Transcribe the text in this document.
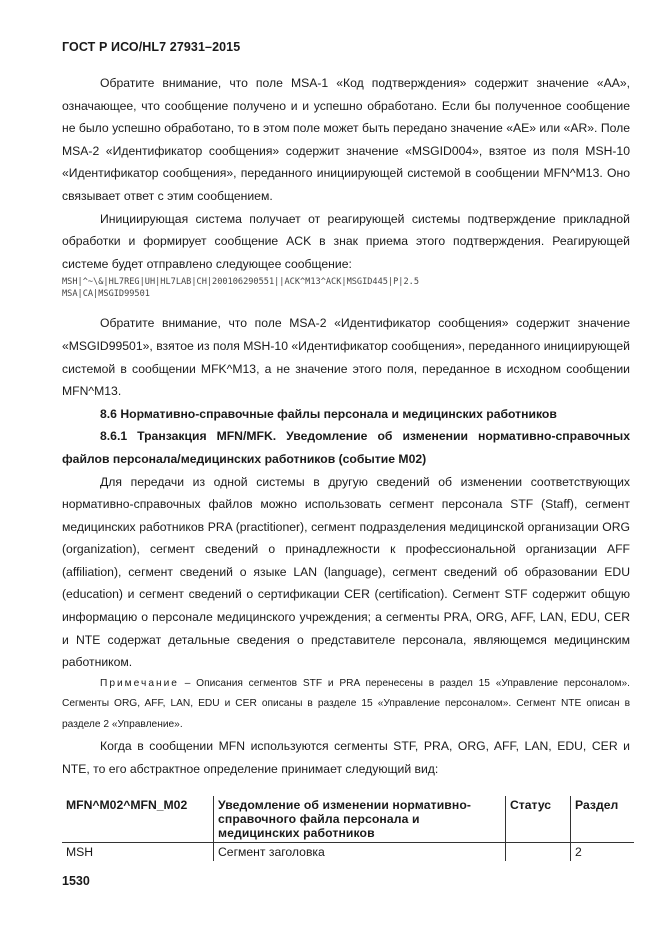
ГОСТ Р ИСО/HL7 27931–2015

Обратите внимание, что поле MSA-1 «Код подтверждения» содержит значение «AA», означающее, что сообщение получено и и успешно обработано. Если бы полученное сообщение не было успешно обработано, то в этом поле может быть передано значение «AE» или «AR». Поле MSA-2 «Идентификатор сообщения» содержит значение «MSGID004», взятое из поля MSH-10 «Идентификатор сообщения», переданного инициирующей системой в сообщении MFN^M13. Оно связывает ответ с этим сообщением.

Инициирующая система получает от реагирующей системы подтверждение прикладной обработки и формирует сообщение ACK в знак приема этого подтверждения. Реагирующей системе будет отправлено следующее сообщение:

MSH|^~\&|HL7REG|UH|HL7LAB|CH|200106290551||ACK^M13^ACK|MSGID445|P|2.5
MSA|CA|MSGID99501

Обратите внимание, что поле MSA-2 «Идентификатор сообщения» содержит значение «MSGID99501», взятое из поля MSH-10 «Идентификатор сообщения», переданного инициирующей системой в сообщении MFK^M13, а не значение этого поля, переданное в исходном сообщении MFN^M13.

8.6 Нормативно-справочные файлы персонала и медицинских работников

8.6.1 Транзакция MFN/MFK. Уведомление об изменении нормативно-справочных файлов персонала/медицинских работников (событие M02)

Для передачи из одной системы в другую сведений об изменении соответствующих нормативно-справочных файлов можно использовать сегмент персонала STF (Staff), сегмент медицинских работников PRA (practitioner), сегмент подразделения медицинской организации ORG (organization), сегмент сведений о принадлежности к профессиональной организации AFF (affiliation), сегмент сведений о языке LAN (language), сегмент сведений об образовании EDU (education) и сегмент сведений о сертификации CER (certification). Сегмент STF содержит общую информацию о персонале медицинского учреждения; а сегменты PRA, ORG, AFF, LAN, EDU, CER и NTE содержат детальные сведения о представителе персонала, являющемся медицинским работником.

Примечание – Описания сегментов STF и PRA перенесены в раздел 15 «Управление персоналом». Сегменты ORG, AFF, LAN, EDU и CER описаны в разделе 15 «Управление персоналом». Сегмент NTE описан в разделе 2 «Управление».

Когда в сообщении MFN используются сегменты STF, PRA, ORG, AFF, LAN, EDU, CER и NTE, то его абстрактное определение принимает следующий вид:

MFN^M02^MFN_M02	Уведомление об изменении нормативно-справочного файла персонала и медицинских работников	Статус	Раздел
MSH	Сегмент заголовка		2
1530
